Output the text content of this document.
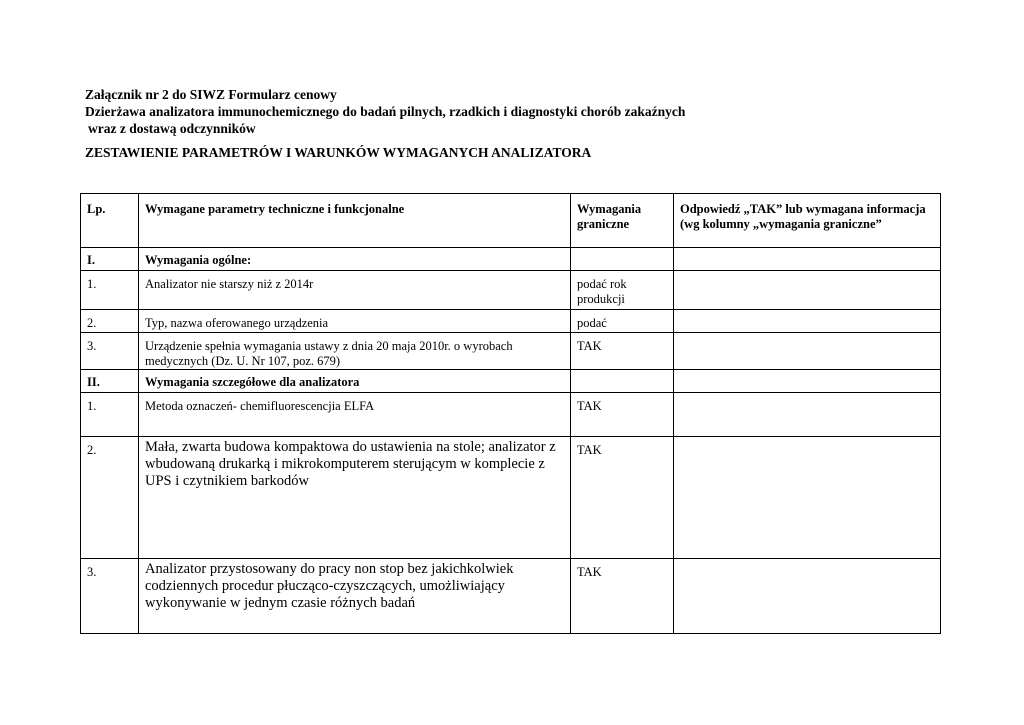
Załącznik nr 2 do SIWZ Formularz cenowy
Dzierżawa analizatora immunochemicznego do badań pilnych, rzadkich i diagnostyki chorób zakaźnych
wraz z dostawą odczynników
ZESTAWIENIE PARAMETRÓW I WARUNKÓW WYMAGANYCH ANALIZATORA
Lp.	Wymagane parametry techniczne i funkcjonalne	Wymagania graniczne	Odpowiedź „TAK” lub wymagana informacja (wg kolumny „wymagania graniczne”
I.	Wymagania ogólne:		
1.	Analizator nie starszy niż z 2014r	podać rok produkcji	
2.	Typ, nazwa oferowanego urządzenia	podać	
3.	Urządzenie spełnia wymagania ustawy z dnia 20 maja 2010r. o wyrobach medycznych (Dz. U. Nr 107, poz. 679)	TAK	
II.	Wymagania szczegółowe dla analizatora		
1.	Metoda oznaczeń- chemifluorescencjia ELFA	TAK	
2.	Mała, zwarta budowa kompaktowa do ustawienia na stole; analizator z wbudowaną drukarką i mikrokomputerem sterującym w komplecie z UPS i czytnikiem barkodów	TAK	
3.	Analizator przystosowany do pracy non stop bez jakichkolwiek codziennych procedur płucząco-czyszczących, umożliwiający wykonywanie w jednym czasie różnych badań	TAK	
